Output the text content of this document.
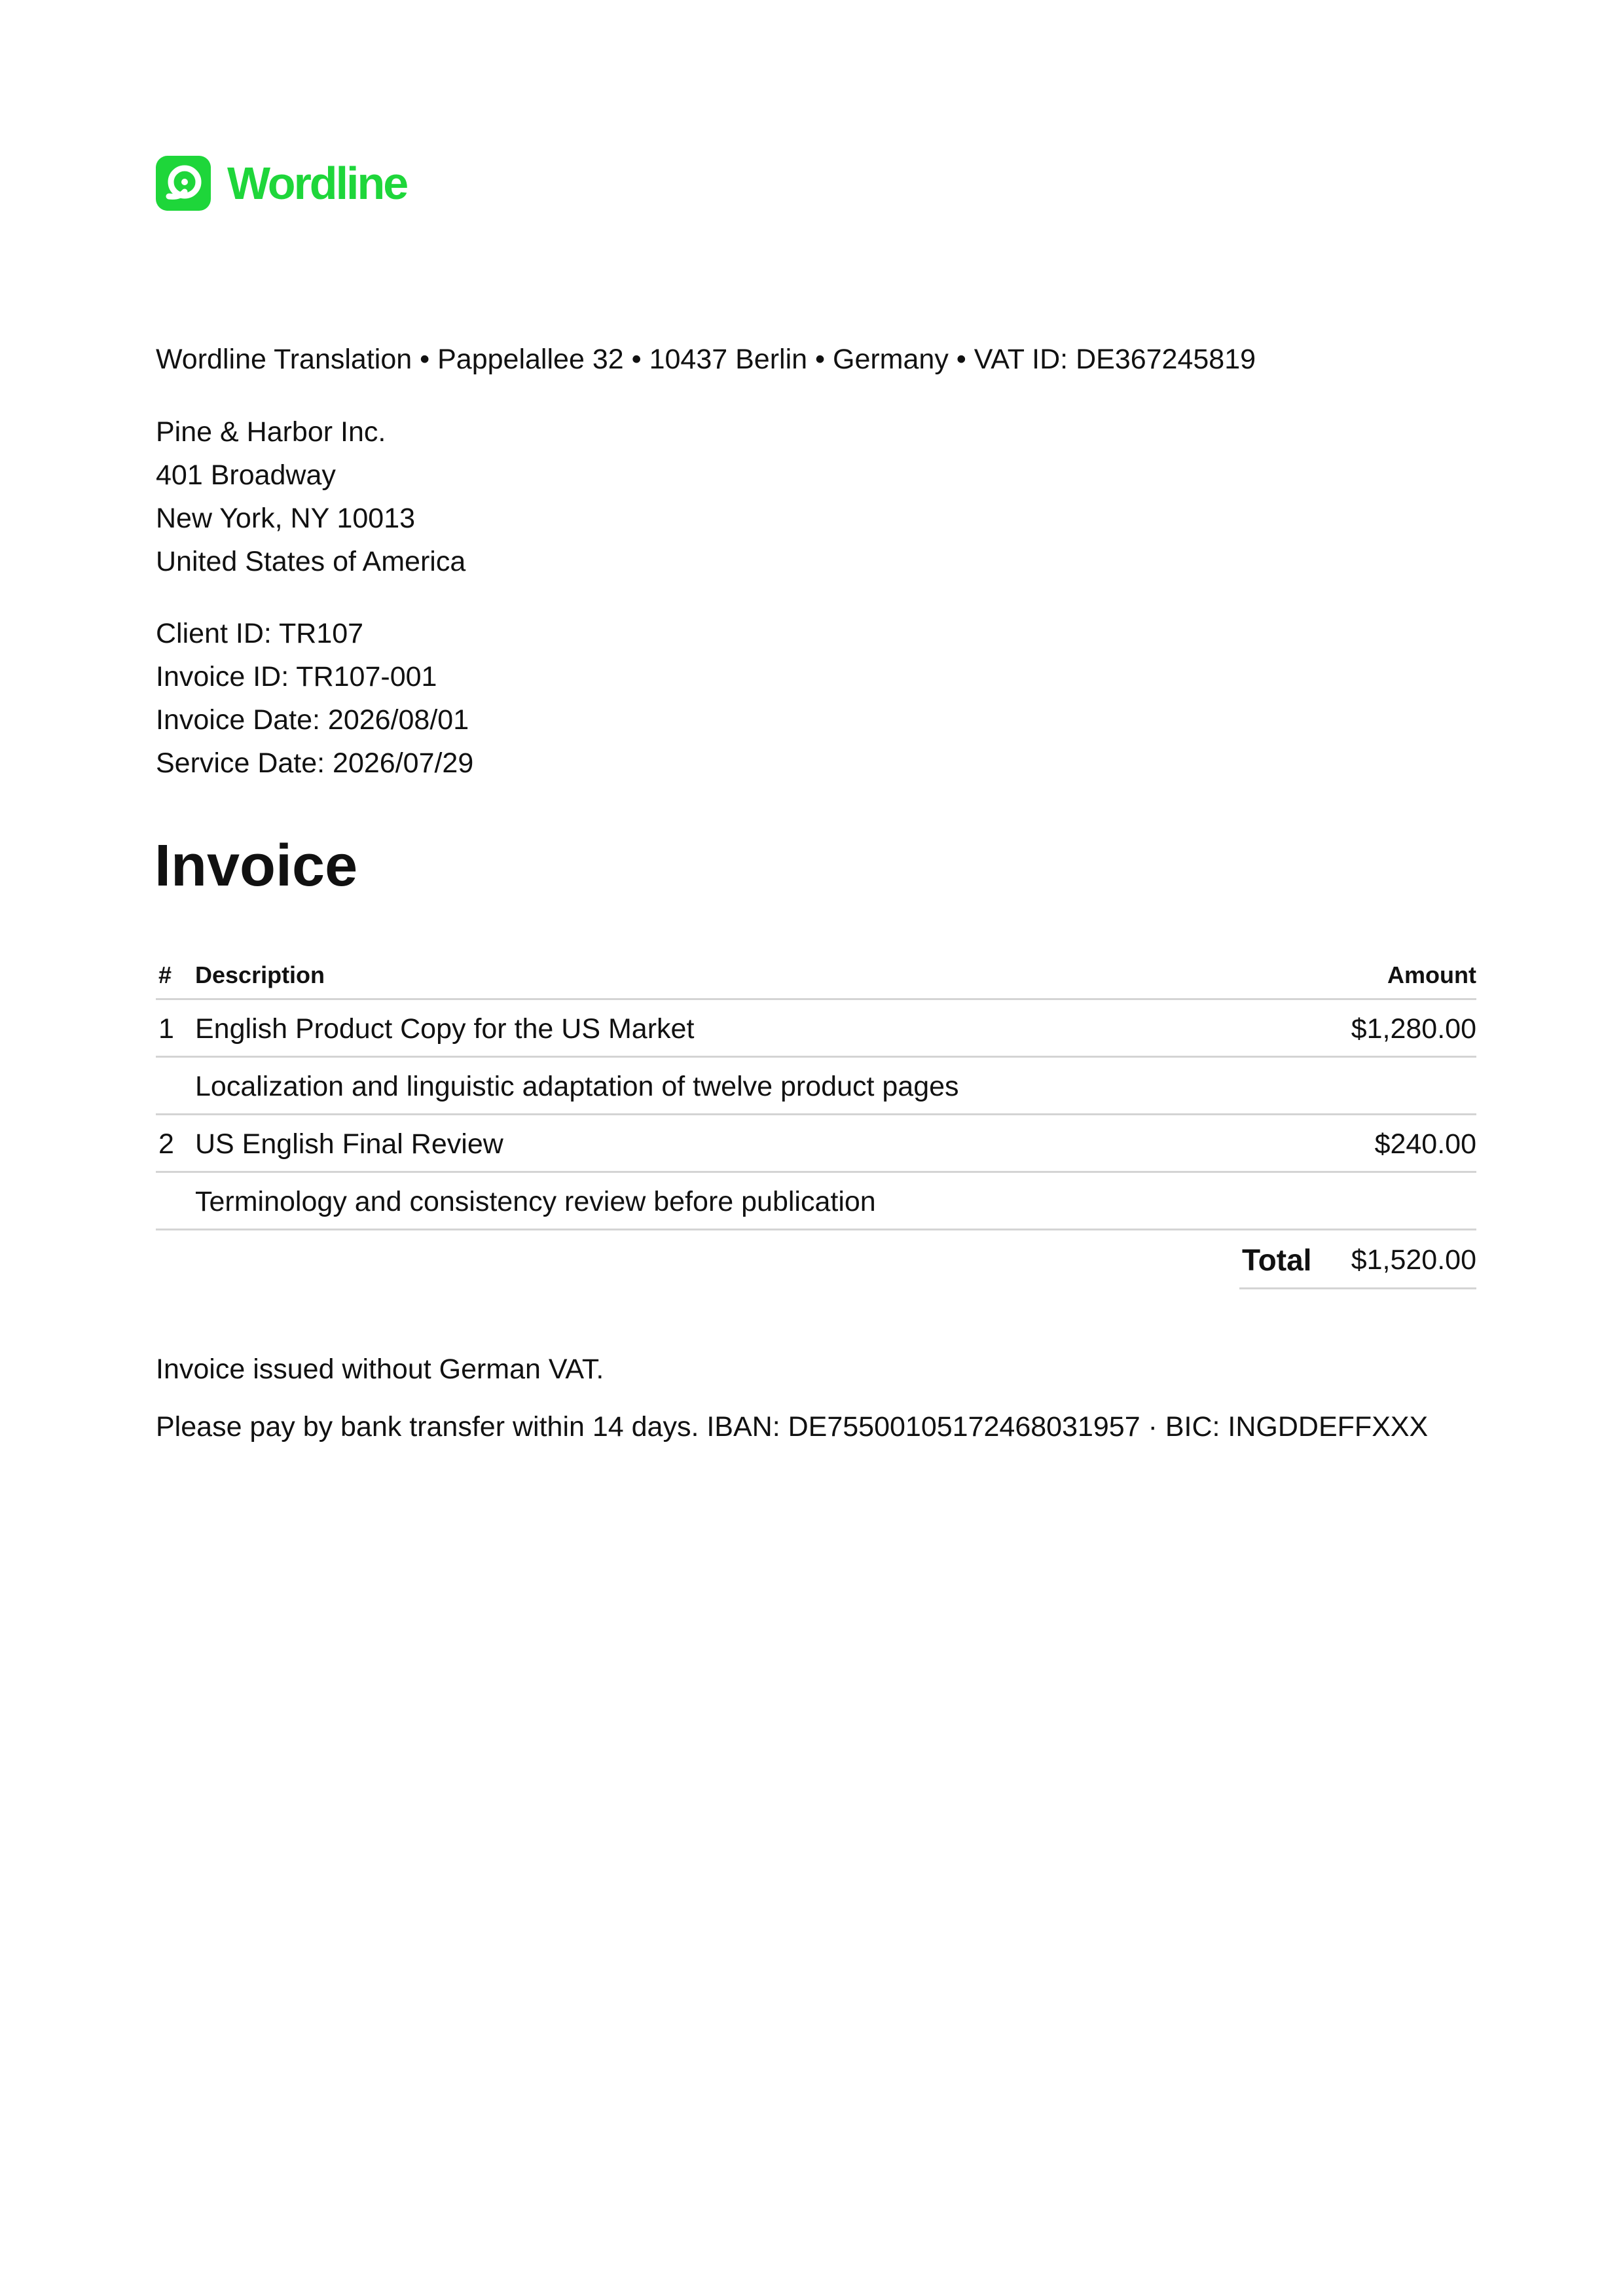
Wordline
Wordline Translation • Pappelallee 32 • 10437 Berlin • Germany • VAT ID: DE367245819
Pine & Harbor Inc.
401 Broadway
New York, NY 10013
United States of America
Client ID: TR107
Invoice ID: TR107-001
Invoice Date: 2026/08/01
Service Date: 2026/07/29
Invoice
# Description	Amount
1 English Product Copy for the US Market	$1,280.00
Localization and linguistic adaptation of twelve product pages
2 US English Final Review	$240.00
Terminology and consistency review before publication
Total $1,520.00
Invoice issued without German VAT.
Please pay by bank transfer within 14 days. IBAN: DE75500105172468031957 · BIC: INGDDEFFXXX
